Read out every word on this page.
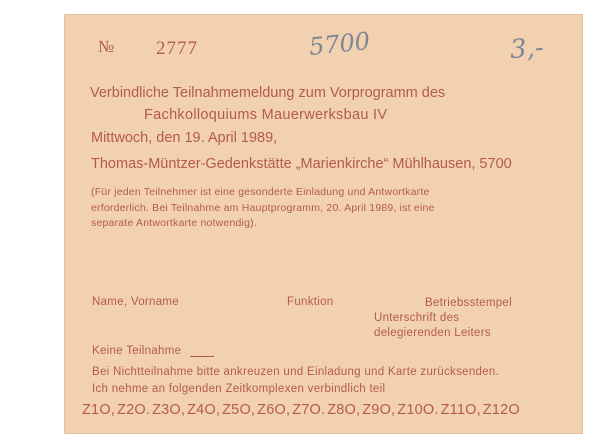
№ 2777	5700	3,-
Verbindliche Teilnahmemeldung zum Vorprogramm des
Fachkolloquiums Mauerwerksbau IV
Mittwoch, den 19. April 1989,
Thomas-Müntzer-Gedenkstätte „Marienkirche“ Mühlhausen, 5700
(Für jeden Teilnehmer ist eine gesonderte Einladung und Antwortkarte
erforderlich. Bei Teilnahme am Hauptprogramm, 20. April 1989, ist eine
separate Antwortkarte notwendig).
Name, Vorname	Funktion	Betriebsstempel
Unterschrift des
delegierenden Leiters
Keine Teilnahme
Bei Nichtteilnahme bitte ankreuzen und Einladung und Karte zurücksenden.
Ich nehme an folgenden Zeitkomplexen verbindlich teil
Z1O, Z2O. Z3O, Z4O, Z5O, Z6O, Z7O. Z8O, Z9O, Z10O. Z11O, Z12O
